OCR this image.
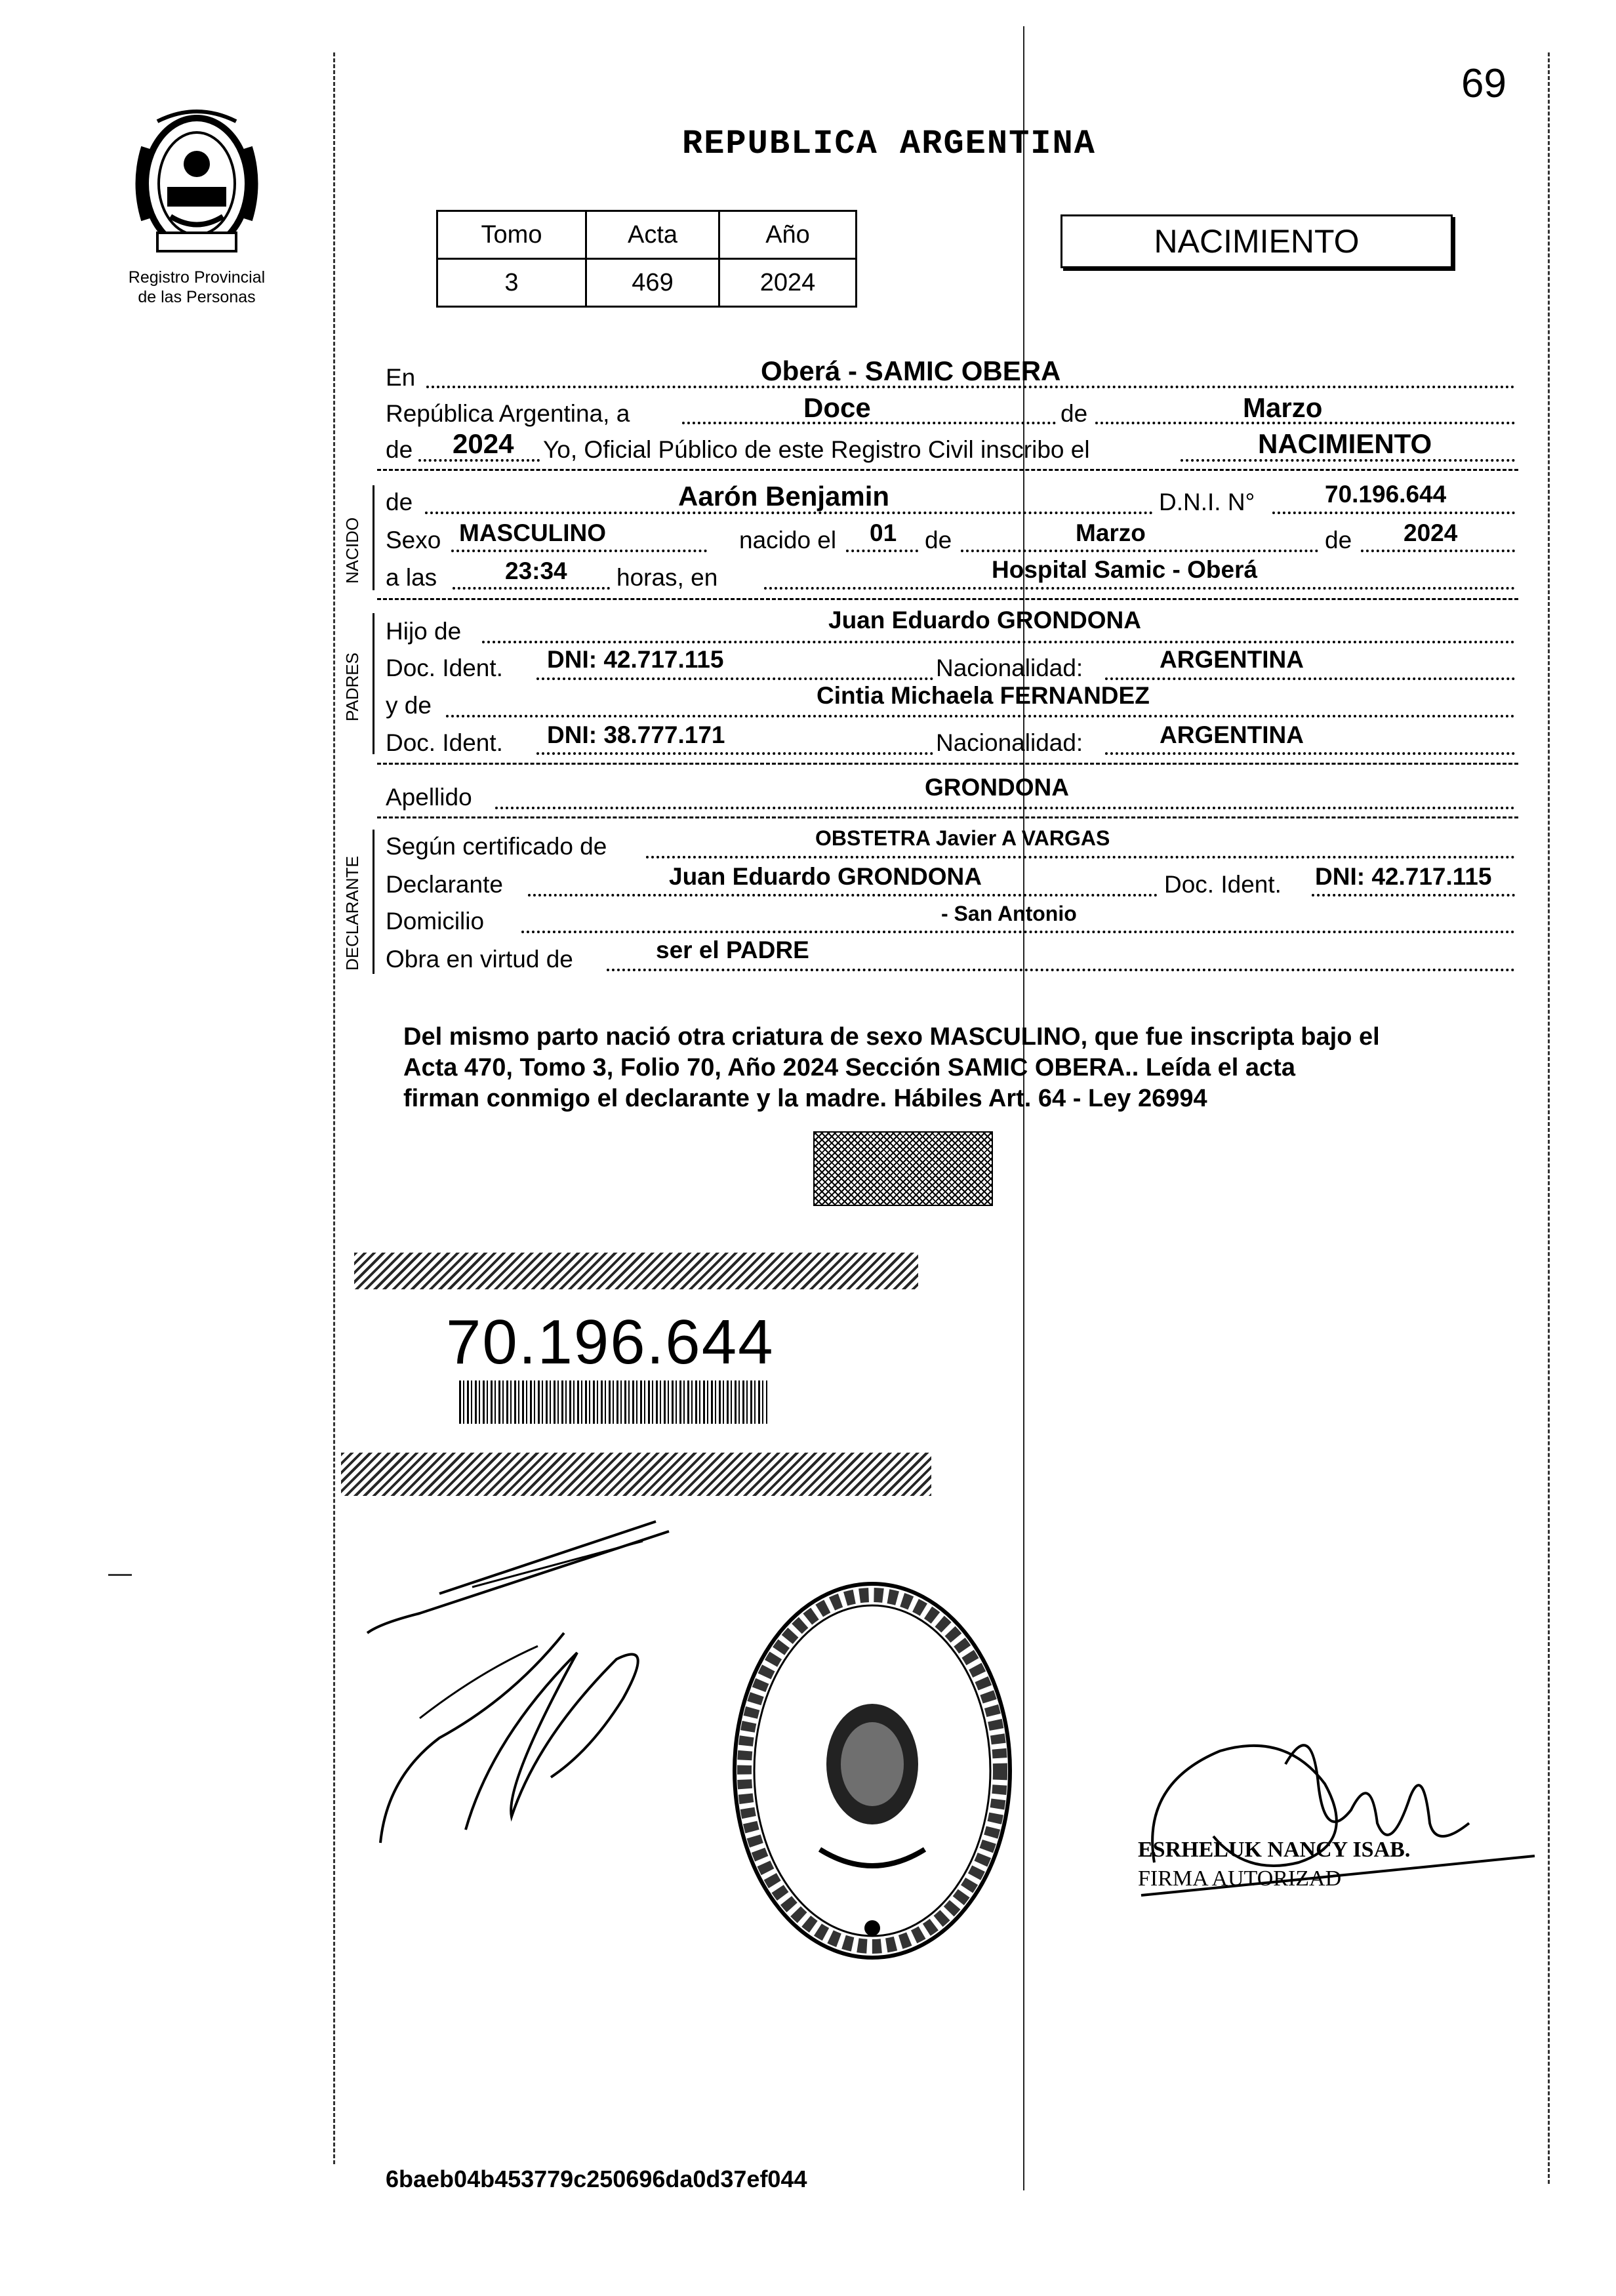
69
Registro Provincial
de las Personas
REPUBLICA ARGENTINA
Tomo	Acta	Año
3	469	2024
NACIMIENTO
NACIDO
PADRES
DECLARANTE
En	Oberá - SAMIC OBERA
República Argentina, a	Doce	de	Marzo
de 2024 Yo, Oficial Público de este Registro Civil inscribo el	NACIMIENTO
de	Aarón Benjamin	D.N.I. N°	70.196.644
Sexo MASCULINO	nacido el 01 de	Marzo	de 2024
a las	23:34 horas, en	Hospital Samic - Oberá
Hijo de	Juan Eduardo GRONDONA
Doc. Ident. DNI: 42.717.115	Nacionalidad:	ARGENTINA
y de	Cintia Michaela FERNANDEZ
Doc. Ident. DNI: 38.777.171	Nacionalidad:	ARGENTINA
Apellido	GRONDONA
Según certificado de	OBSTETRA Javier A VARGAS
Declarante	Juan Eduardo GRONDONA	Doc. Ident. DNI: 42.717.115
Domicilio	- San Antonio
Obra en virtud de	ser el PADRE
Del mismo parto nació otra criatura de sexo MASCULINO, que fue inscripta bajo el
Acta 470, Tomo 3, Folio 70, Año 2024 Sección SAMIC OBERA.. Leída el acta
firman conmigo el declarante y la madre. Hábiles Art. 64 - Ley 26994
70.196.644
ESRHELUK NANCY ISAB.
FIRMA AUTORIZAD
6baeb04b453779c250696da0d37ef044
